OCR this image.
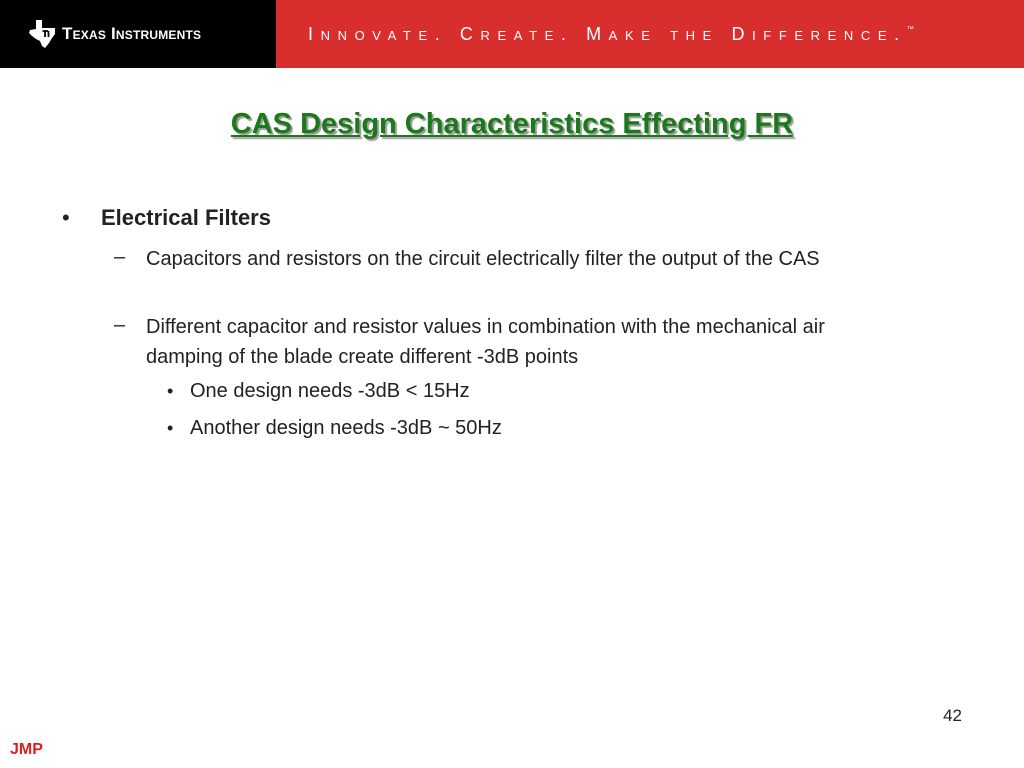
Texas Instruments	Innovate. Create. Make the Difference.™
CAS Design Characteristics Effecting FR
• Electrical Filters
– Capacitors and resistors on the circuit electrically filter the output of the CAS
– Different capacitor and resistor values in combination with the mechanical air damping of the blade create different -3dB points
• One design needs -3dB < 15Hz
• Another design needs -3dB ~ 50Hz
42
JMP
